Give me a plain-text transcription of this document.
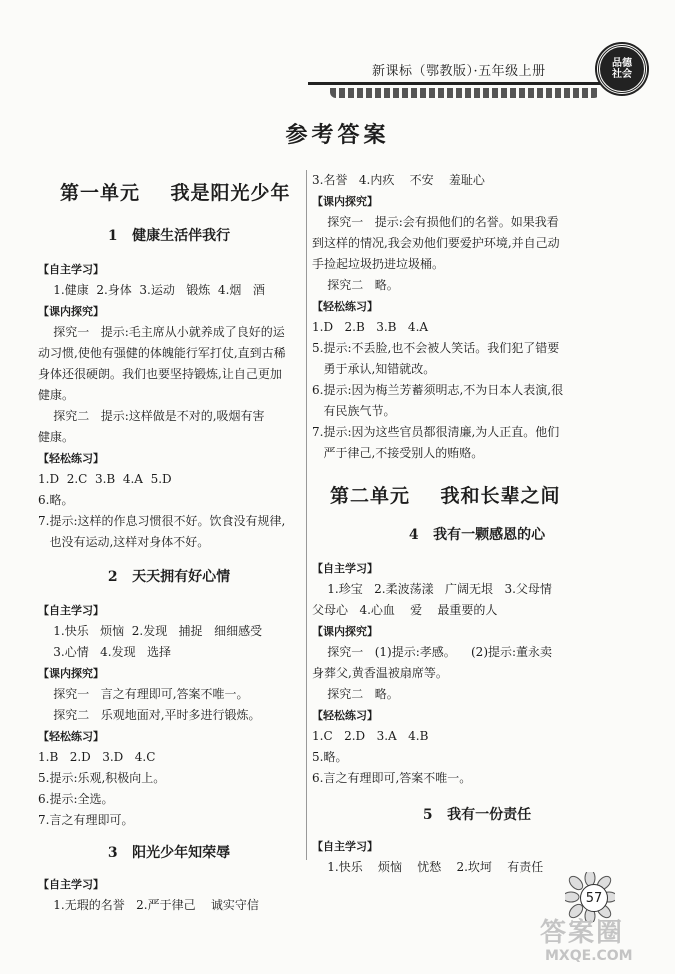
新课标（鄂教版）·五年级上册
品德
社会
参考答案
第一单元    我是阳光少年
1   健康生活伴我行
【自主学习】
1.健康  2.身体  3.运动   锻炼  4.烟   酒
【课内探究】
探究一   提示:毛主席从小就养成了良好的运
动习惯,使他有强健的体魄能行军打仗,直到古稀
身体还很硬朗。我们也要坚持锻炼,让自己更加
健康。
探究二   提示:这样做是不对的,吸烟有害
健康。
【轻松练习】
1.D  2.C  3.B  4.A  5.D
6.略。
7.提示:这样的作息习惯很不好。饮食没有规律,
也没有运动,这样对身体不好。
2   天天拥有好心情
【自主学习】
1.快乐   烦恼  2.发现   捕捉   细细感受
3.心情   4.发现   选择
【课内探究】
探究一   言之有理即可,答案不唯一。
探究二   乐观地面对,平时多进行锻炼。
【轻松练习】
1.B   2.D   3.D   4.C
5.提示:乐观,积极向上。
6.提示:全选。
7.言之有理即可。
3   阳光少年知荣辱
【自主学习】
1.无瑕的名誉   2.严于律己    诚实守信
3.名誉   4.内疚    不安    羞耻心
【课内探究】
探究一   提示:会有损他们的名誉。如果我看
到这样的情况,我会劝他们要爱护环境,并自己动
手捡起垃圾扔进垃圾桶。
探究二   略。
【轻松练习】
1.D   2.B   3.B   4.A
5.提示:不丢脸,也不会被人笑话。我们犯了错要
勇于承认,知错就改。
6.提示:因为梅兰芳蓄须明志,不为日本人表演,很
有民族气节。
7.提示:因为这些官员都很清廉,为人正直。他们
严于律己,不接受别人的贿赂。
第二单元    我和长辈之间
4   我有一颗感恩的心
【自主学习】
1.珍宝   2.柔波荡漾   广阔无垠   3.父母情
父母心   4.心血    爱    最重要的人
【课内探究】
探究一   (1)提示:孝感。    (2)提示:董永卖
身葬父,黄香温被扇席等。
探究二   略。
【轻松练习】
1.C   2.D   3.A   4.B
5.略。
6.言之有理即可,答案不唯一。
5   我有一份责任
【自主学习】
1.快乐    烦恼    忧愁    2.坎坷    有责任
57
答案圈
MXQE.COM
